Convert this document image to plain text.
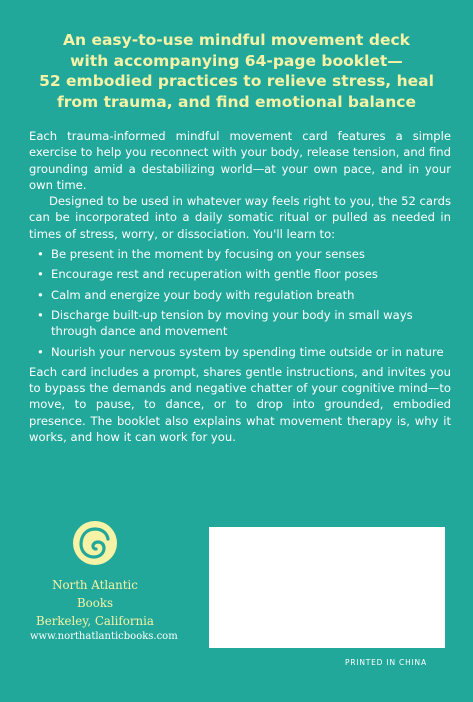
An easy-to-use mindful movement deck
with accompanying 64-page booklet—
52 embodied practices to relieve stress, heal
from trauma, and find emotional balance

Each trauma-informed mindful movement card features a simple exercise to help you reconnect with your body, release tension, and find grounding amid a destabilizing world—at your own pace, and in your own time.

Designed to be used in whatever way feels right to you, the 52 cards can be incorporated into a daily somatic ritual or pulled as needed in times of stress, worry, or dissociation. You'll learn to:

• Be present in the moment by focusing on your senses
• Encourage rest and recuperation with gentle floor poses
• Calm and energize your body with regulation breath
• Discharge built-up tension by moving your body in small ways through dance and movement
• Nourish your nervous system by spending time outside or in nature

Each card includes a prompt, shares gentle instructions, and invites you to bypass the demands and negative chatter of your cognitive mind—to move, to pause, to dance, or to drop into grounded, embodied presence. The booklet also explains what movement therapy is, why it works, and how it can work for you.

North Atlantic Books
Berkeley, California
www.northatlanticbooks.com
PRINTED IN CHINA
